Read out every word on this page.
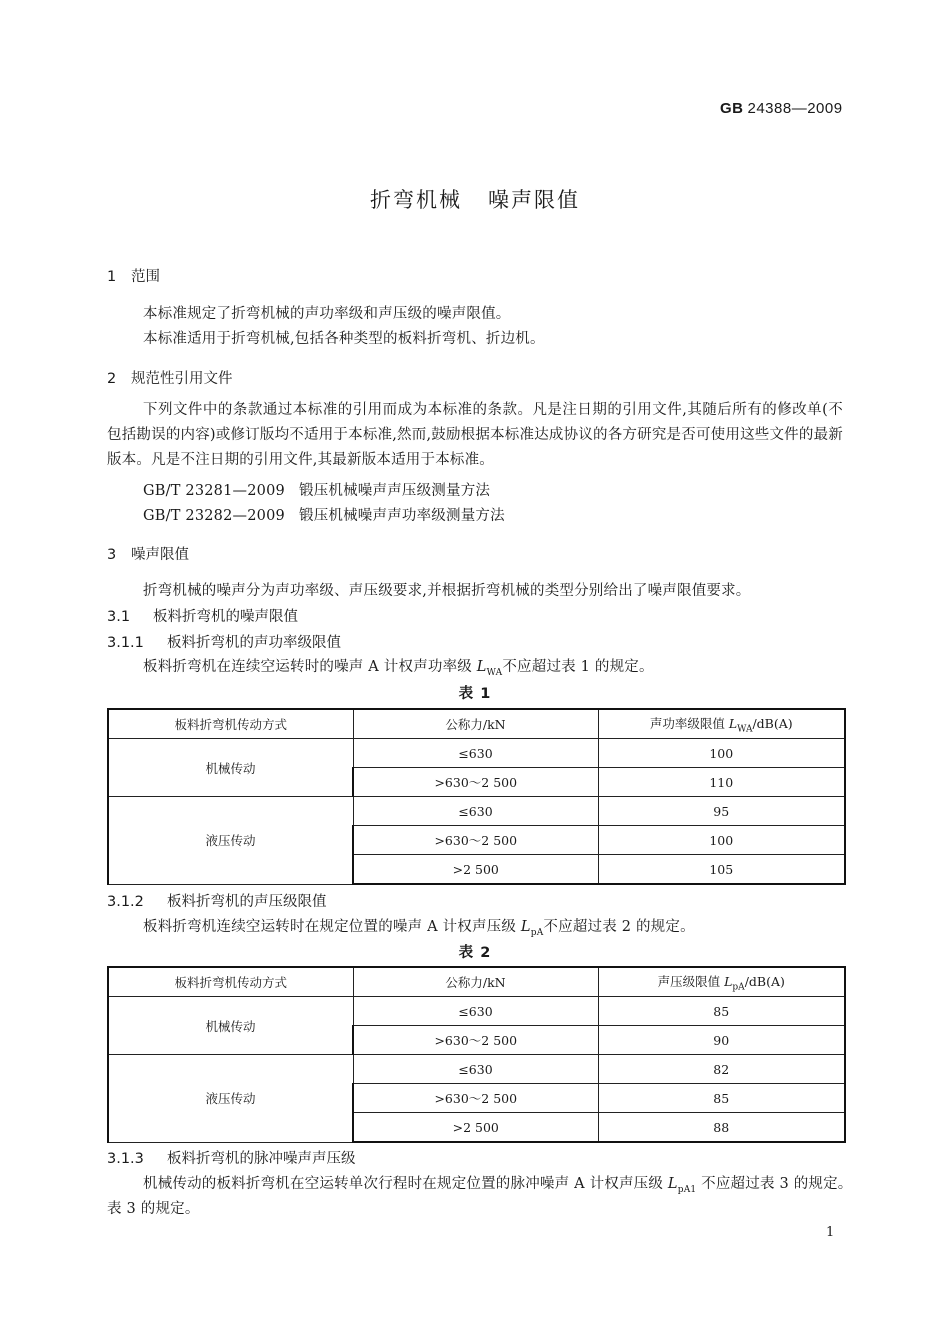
GB 24388—2009
折弯机械 噪声限值
1 范围
本标准规定了折弯机械的声功率级和声压级的噪声限值。
本标准适用于折弯机械,包括各种类型的板料折弯机、折边机。
2 规范性引用文件
下列文件中的条款通过本标准的引用而成为本标准的条款。凡是注日期的引用文件,其随后所有的修改单(不包括勘误的内容)或修订版均不适用于本标准,然而,鼓励根据本标准达成协议的各方研究是否可使用这些文件的最新版本。凡是不注日期的引用文件,其最新版本适用于本标准。
GB/T 23281—2009 锻压机械噪声声压级测量方法
GB/T 23282—2009 锻压机械噪声声功率级测量方法
3 噪声限值
折弯机械的噪声分为声功率级、声压级要求,并根据折弯机械的类型分别给出了噪声限值要求。
3.1 板料折弯机的噪声限值
3.1.1 板料折弯机的声功率级限值
板料折弯机在连续空运转时的噪声 A 计权声功率级 $L_{WA}$不应超过表 1 的规定。
表 1
板料折弯机传动方式	公称力/kN	声功率级限值 $L_{WA}/dB(A)$
机械传动	≤630	100
	>630～2 500	110
液压传动	≤630	95
	>630～2 500	100
	>2 500	105
3.1.2 板料折弯机的声压级限值
板料折弯机连续空运转时在规定位置的噪声 A 计权声压级 $L_{pA}$不应超过表 2 的规定。
表 2
板料折弯机传动方式	公称力/kN	声压级限值 $L_{pA}/dB(A)$
机械传动	≤630	85
	>630～2 500	90
液压传动	≤630	82
	>630～2 500	85
	>2 500	88
3.1.3 板料折弯机的脉冲噪声声压级
机械传动的板料折弯机在空运转单次行程时在规定位置的脉冲噪声 A 计权声压级 $L_{pA1}$ 不应超过表 3 的规定。
表 3 的规定。
1
